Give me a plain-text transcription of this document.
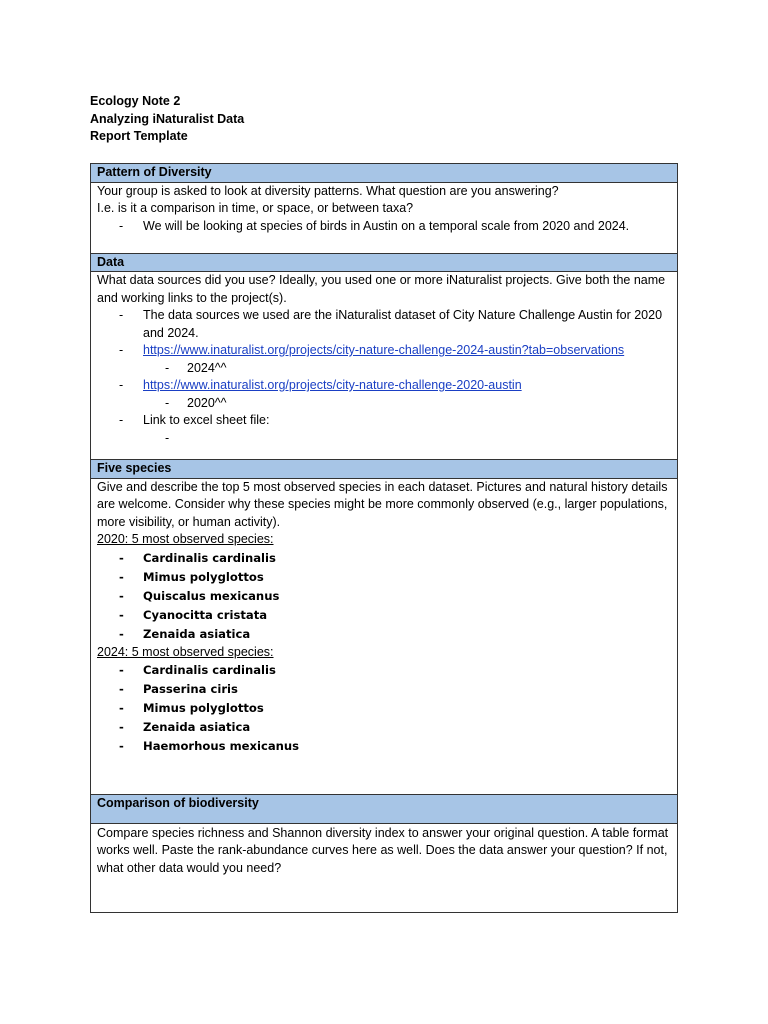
Ecology Note 2
Analyzing iNaturalist Data
Report Template
Pattern of Diversity

Your group is asked to look at diversity patterns. What question are you answering?
I.e. is it a comparison in time, or space, or between taxa?
- We will be looking at species of birds in Austin on a temporal scale from 2020 and 2024.

Data

What data sources did you use? Ideally, you used one or more iNaturalist projects. Give both the name and working links to the project(s).
- The data sources we used are the iNaturalist dataset of City Nature Challenge Austin for 2020 and 2024.
- https://www.inaturalist.org/projects/city-nature-challenge-2024-austin?tab=observations
- 2024^^
- https://www.inaturalist.org/projects/city-nature-challenge-2020-austin
- 2020^^
- Link to excel sheet file:
-

Five species

Give and describe the top 5 most observed species in each dataset. Pictures and natural history details are welcome. Consider why these species might be more commonly observed (e.g., larger populations, more visibility, or human activity).
2020: 5 most observed species:
- Cardinalis cardinalis
- Mimus polyglottos
- Quiscalus mexicanus
- Cyanocitta cristata
- Zenaida asiatica
2024: 5 most observed species:
- Cardinalis cardinalis
- Passerina ciris
- Mimus polyglottos
- Zenaida asiatica
- Haemorhous mexicanus

Comparison of biodiversity

Compare species richness and Shannon diversity index to answer your original question. A table format works well. Paste the rank-abundance curves here as well. Does the data answer your question? If not, what other data would you need?
